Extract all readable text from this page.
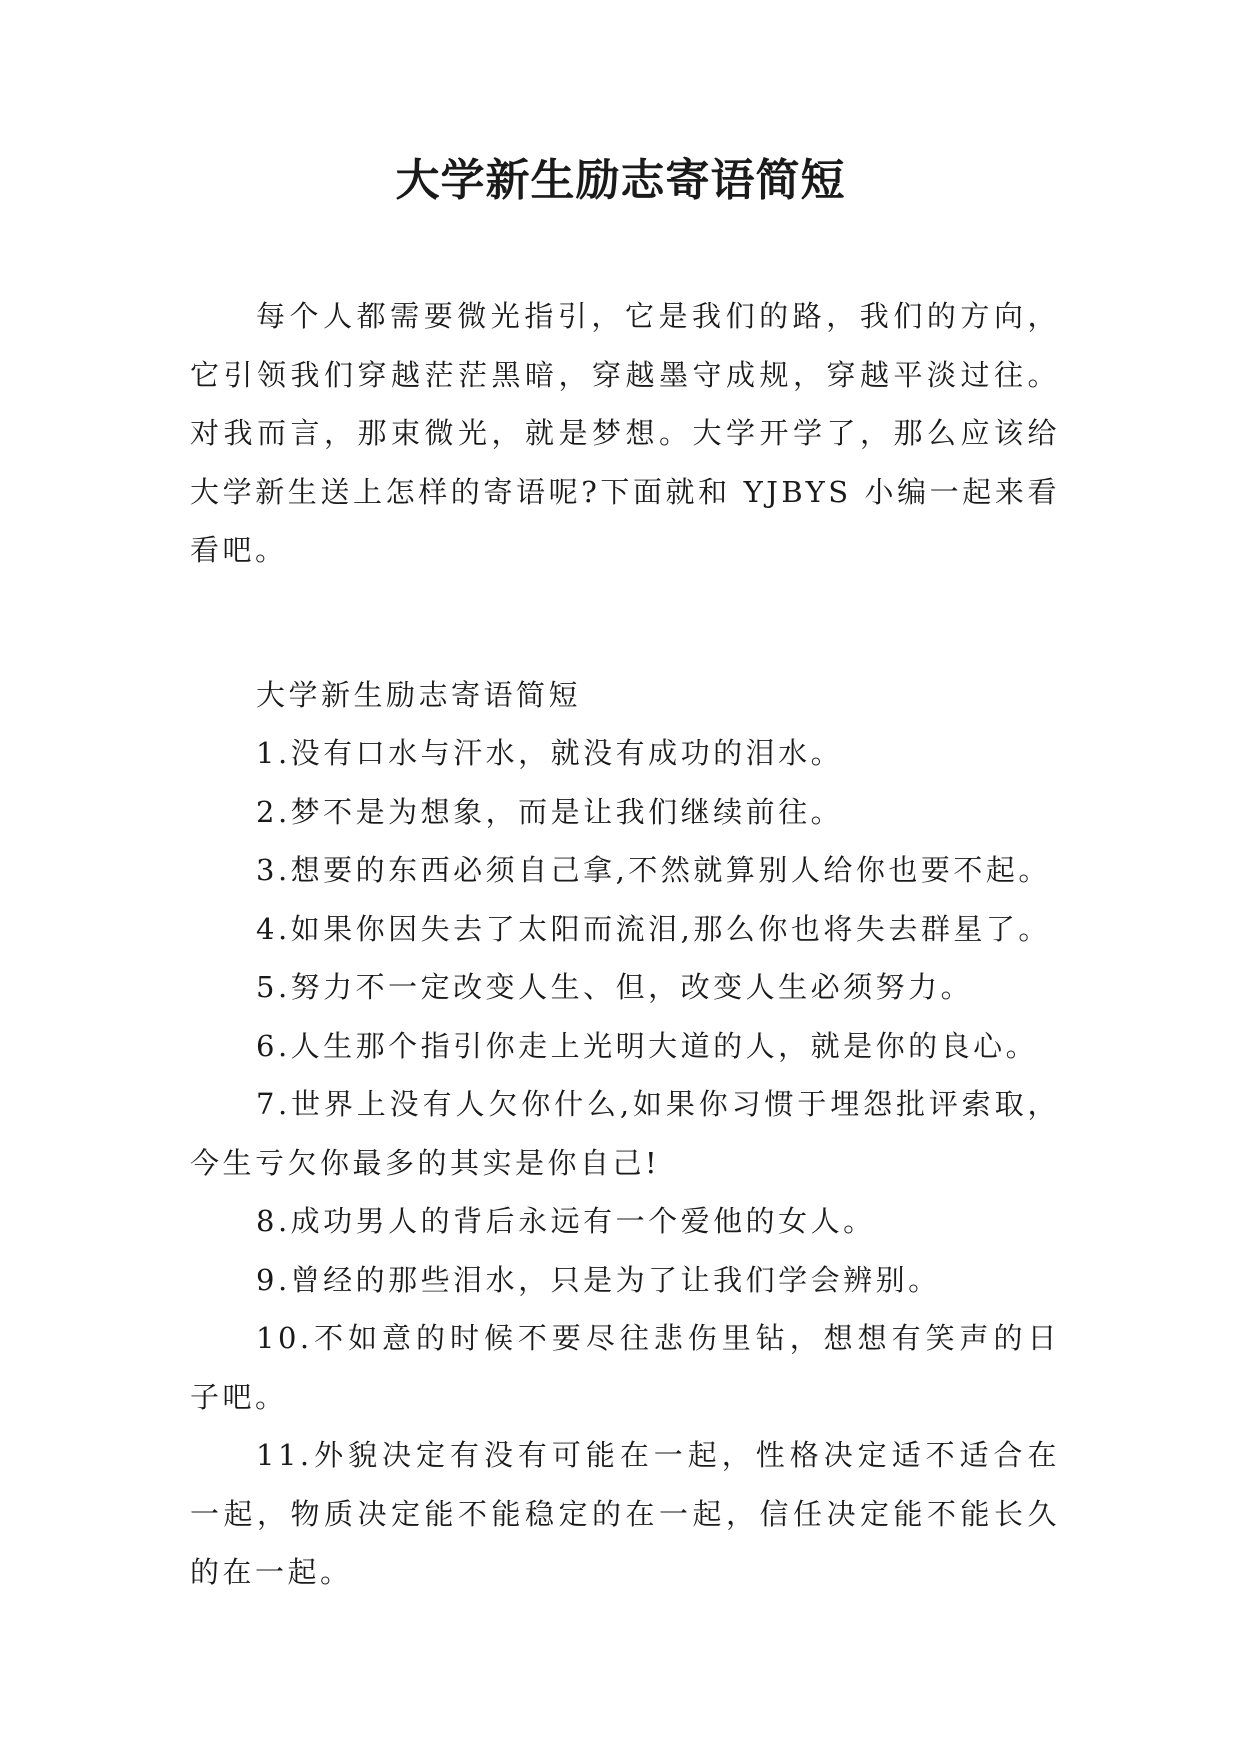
大学新生励志寄语简短

每个人都需要微光指引，它是我们的路，我们的方向，它引领我们穿越茫茫黑暗，穿越墨守成规，穿越平淡过往。对我而言，那束微光，就是梦想。大学开学了，那么应该给大学新生送上怎样的寄语呢?下面就和 YJBYS 小编一起来看看吧。

大学新生励志寄语简短

1.没有口水与汗水，就没有成功的泪水。
2.梦不是为想象，而是让我们继续前往。
3.想要的东西必须自己拿,不然就算别人给你也要不起。
4.如果你因失去了太阳而流泪,那么你也将失去群星了。
5.努力不一定改变人生、但，改变人生必须努力。
6.人生那个指引你走上光明大道的人，就是你的良心。
7.世界上没有人欠你什么,如果你习惯于埋怨批评索取，今生亏欠你最多的其实是你自己!
8.成功男人的背后永远有一个爱他的女人。
9.曾经的那些泪水，只是为了让我们学会辨别。
10.不如意的时候不要尽往悲伤里钻，想想有笑声的日子吧。
11.外貌决定有没有可能在一起，性格决定适不适合在一起，物质决定能不能稳定的在一起，信任决定能不能长久的在一起。
